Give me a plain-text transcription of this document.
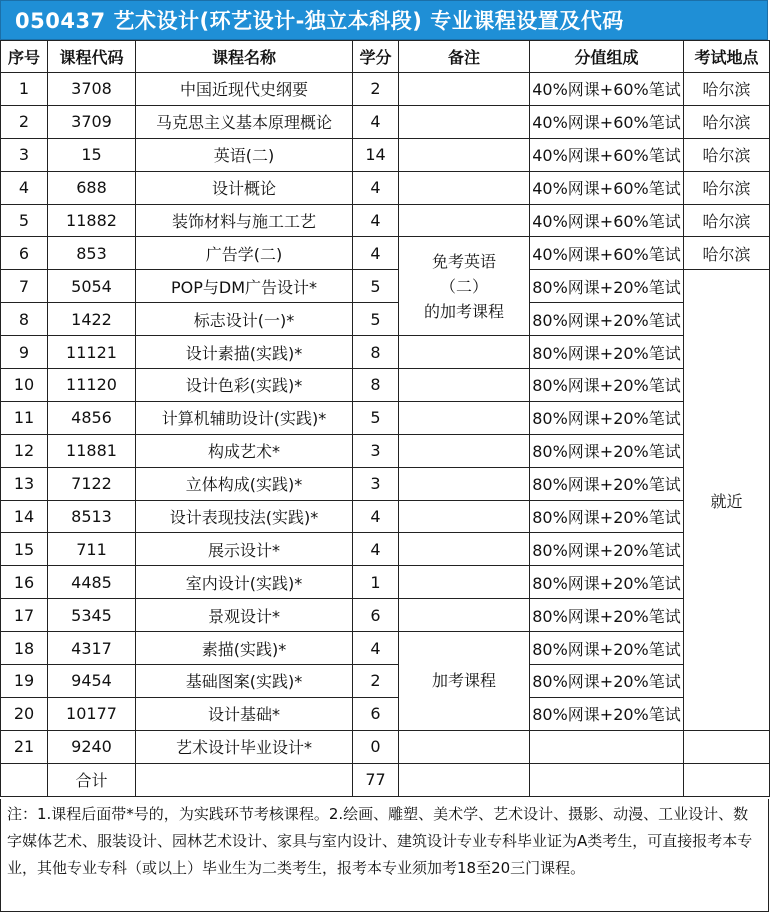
050437 艺术设计(环艺设计-独立本科段) 专业课程设置及代码
序号	课程代码	课程名称	学分	备注	分值组成	考试地点
1	3708	中国近现代史纲要	2		40%网课+60%笔试	哈尔滨
2	3709	马克思主义基本原理概论	4		40%网课+60%笔试	哈尔滨
3	15	英语(二)	14		40%网课+60%笔试	哈尔滨
4	688	设计概论	4		40%网课+60%笔试	哈尔滨
5	11882	装饰材料与施工工艺	4		40%网课+60%笔试	哈尔滨
6	853	广告学(二)	4	免考英语
（二）
的加考课程	40%网课+60%笔试	哈尔滨
7	5054	POP与DM广告设计*	5		80%网课+20%笔试	就近
8	1422	标志设计(一)*	5		80%网课+20%笔试	
9	11121	设计素描(实践)*	8		80%网课+20%笔试	
10	11120	设计色彩(实践)*	8		80%网课+20%笔试	
11	4856	计算机辅助设计(实践)*	5		80%网课+20%笔试	
12	11881	构成艺术*	3		80%网课+20%笔试	
13	7122	立体构成(实践)*	3		80%网课+20%笔试	
14	8513	设计表现技法(实践)*	4		80%网课+20%笔试	
15	711	展示设计*	4		80%网课+20%笔试	
16	4485	室内设计(实践)*	1		80%网课+20%笔试	
17	5345	景观设计*	6		80%网课+20%笔试	
18	4317	素描(实践)*	4	加考课程	80%网课+20%笔试	
19	9454	基础图案(实践)*	2		80%网课+20%笔试	
20	10177	设计基础*	6		80%网课+20%笔试	
21	9240	艺术设计毕业设计*	0			
	合计		77			
注：1.课程后面带*号的，为实践环节考核课程。2.绘画、雕塑、美术学、艺术设计、摄影、动漫、工业设计、数字媒体艺术、服装设计、园林艺术设计、家具与室内设计、建筑设计专业专科毕业证为A类考生，可直接报考本专业，其他专业专科（或以上）毕业生为二类考生，报考本专业须加考18至20三门课程。
